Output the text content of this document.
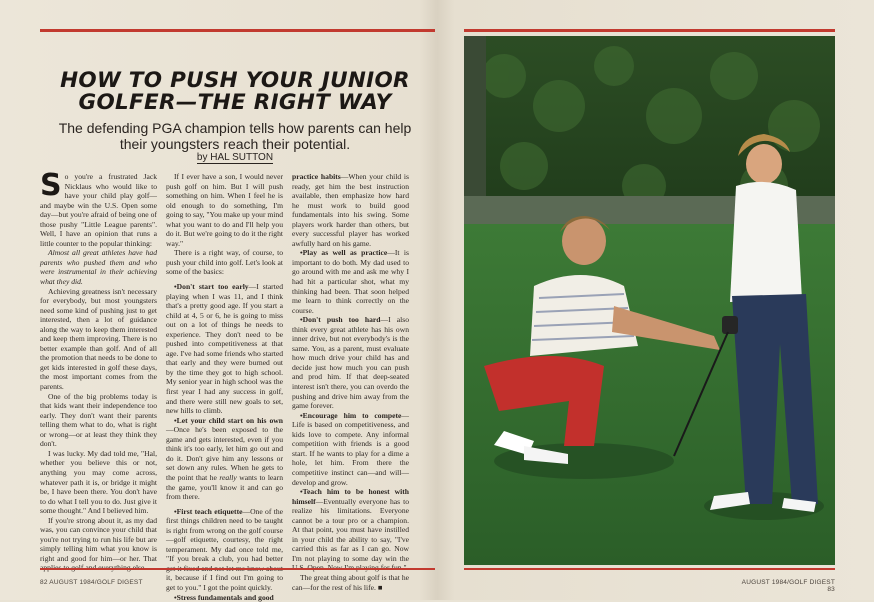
HOW TO PUSH YOUR JUNIOR
GOLFER—THE RIGHT WAY
The defending PGA champion tells how parents can help
their youngsters reach their potential.
by HAL SUTTON

So you're a frustrated Jack Nicklaus who would like to have your child play golf—and maybe win the U.S. Open some day—but you're afraid of being one of those pushy "Little League parents". Well, I have an opinion that runs a little counter to the popular thinking:

Almost all great athletes have had parents who pushed them and who were instrumental in their achieving what they did.

Achieving greatness isn't necessary for everybody, but most youngsters need some kind of pushing just to get interested, then a lot of guidance along the way to keep them interested and keep them improving. There is no better example than golf. And of all the promotion that needs to be done to get kids interested in golf these days, the most important comes from the parents.

One of the big problems today is that kids want their independence too early. They don't want their parents telling them what to do, what is right or wrong—or at least they think they don't.

I was lucky. My dad told me, "Hal, whether you believe this or not, anything you may come across, whatever path it is, or bridge it might be, I have been there. You don't have to do what I tell you to do. Just give it some thought." And I believed him.

If you're strong about it, as my dad was, you can convince your child that you're not trying to run his life but are simply telling him what you know is right and good for him—or her. That

If I ever have a son, I would never push golf on him. But I will push something on him. When I feel he is old enough to do something, I'm going to say, "You make up your mind what you want to do and I'll help you do it. But we're going to do it the right way."

There is a right way, of course, to push your child into golf. Let's look at some of the basics:

•Don't start too early—I started playing when I was 11, and I think that's a pretty good age. If you start a child at 4, 5 or 6, he is going to miss out on a lot of things he needs to experience. They don't need to be pushed into competitiveness at that age. I've had some friends who started that early and they were burned out by the time they got to high school. My senior year in high school was the first year I had any success in golf, and there were still new goals to set, new hills to climb.

•Let your child start on his own—Once he's been exposed to the game and gets interested, even if you think it's too early, let him go out and do it. Don't give him any lessons or set down any rules. When he gets to the point that he really wants to learn the game, you'll know it and can go from there.

•First teach etiquette—One of the first things children need to be taught is right from wrong on the golf course—golf etiquette, courtesy, the right temperament. My dad once told me, "If you break a club, you had better it, because if I find out I'm going to get to you." I got the point quickly.

•Stress fundamentals and good

practice habits—When your child is ready, get him the best instruction available, then emphasize how hard he must work to build good fundamentals into his swing. Some players work harder than others, but every successful player has worked awfully hard on his game.

•Play as well as practice—It is important to do both. My dad used to go around with me and ask me why I had hit a particular shot, what my thinking had been. That soon helped me learn to think correctly on the course.

•Don't push too hard—I also think every great athlete has his own inner drive, but not everybody's is the same. You, as a parent, must evaluate how much drive your child has and decide just how much you can push and prod him. If that deep-seated interest isn't there, you can overdo the pushing and drive him away from the game forever.

•Encourage him to compete—Life is based on competitiveness, and kids love to compete. Any informal competition with friends is a good start. If he wants to play for a dime a hole, let him. From there the competitive instinct can—and will—develop and grow.

•Teach him to be honest with himself—Eventually everyone has to realize his limitations. Everyone cannot be a tour pro or a champion. At that point, you must have instilled in your child the ability to say, "I've carried this as far as I can go. Now I'm not playing to some day win the

The great thing about golf is that he can—for the rest of his life. ■

82 AUGUST 1984/GOLF DIGEST	AUGUST 1984/GOLF DIGEST 83
